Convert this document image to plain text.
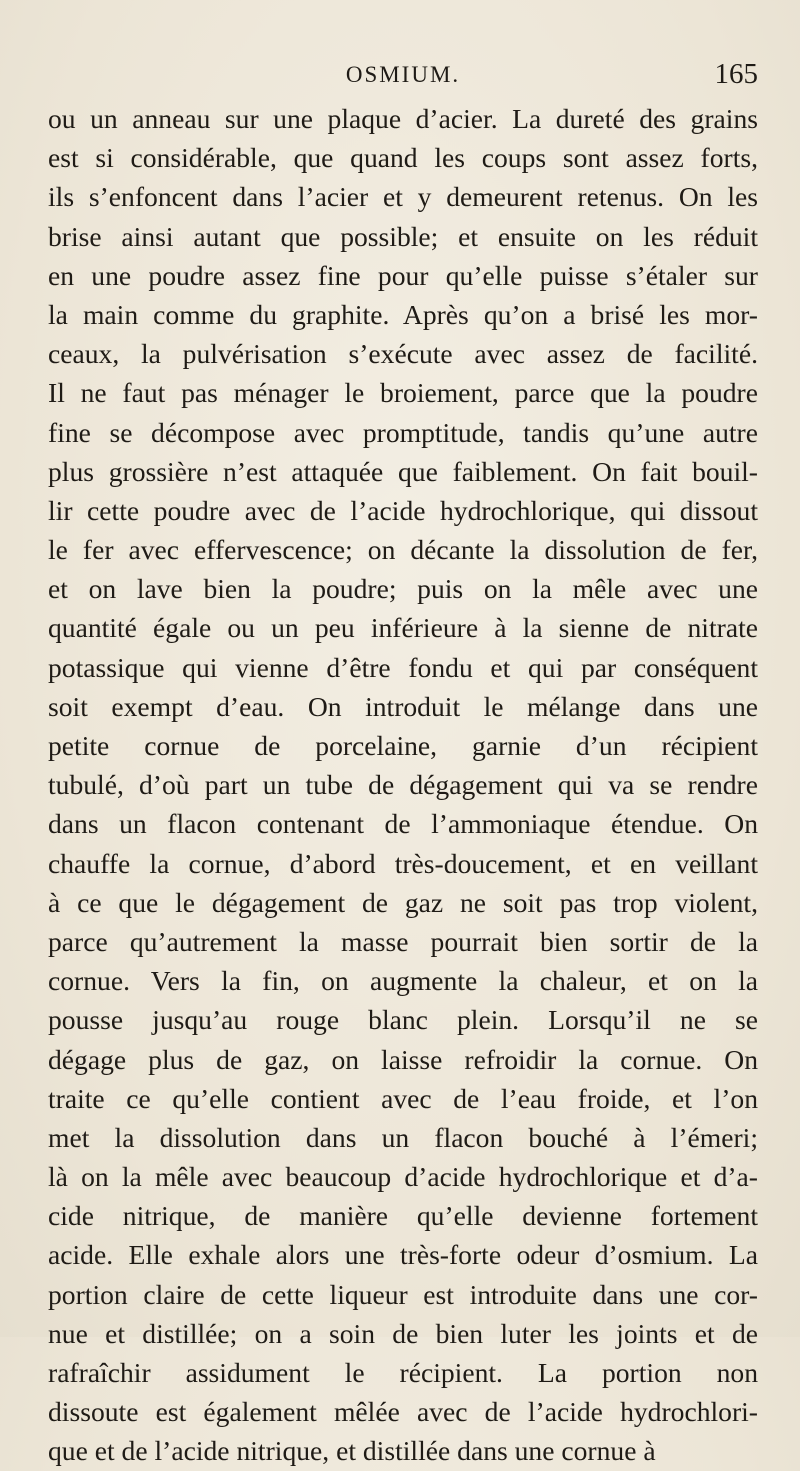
OSMIUM.	165
ou un anneau sur une plaque d’acier. La dureté des grains
est si considérable, que quand les coups sont assez forts,
ils s’enfoncent dans l’acier et y demeurent retenus. On les
brise ainsi autant que possible; et ensuite on les réduit
en une poudre assez fine pour qu’elle puisse s’étaler sur
la main comme du graphite. Après qu’on a brisé les mor-
ceaux, la pulvérisation s’exécute avec assez de facilité.
Il ne faut pas ménager le broiement, parce que la poudre
fine se décompose avec promptitude, tandis qu’une autre
plus grossière n’est attaquée que faiblement. On fait bouil-
lir cette poudre avec de l’acide hydrochlorique, qui dissout
le fer avec effervescence; on décante la dissolution de fer,
et on lave bien la poudre; puis on la mêle avec une
quantité égale ou un peu inférieure à la sienne de nitrate
potassique qui vienne d’être fondu et qui par conséquent
soit exempt d’eau. On introduit le mélange dans une
petite cornue de porcelaine, garnie d’un récipient
tubulé, d’où part un tube de dégagement qui va se rendre
dans un flacon contenant de l’ammoniaque étendue. On
chauffe la cornue, d’abord très-doucement, et en veillant
à ce que le dégagement de gaz ne soit pas trop violent,
parce qu’autrement la masse pourrait bien sortir de la
cornue. Vers la fin, on augmente la chaleur, et on la
pousse jusqu’au rouge blanc plein. Lorsqu’il ne se
dégage plus de gaz, on laisse refroidir la cornue. On
traite ce qu’elle contient avec de l’eau froide, et l’on
met la dissolution dans un flacon bouché à l’émeri;
là on la mêle avec beaucoup d’acide hydrochlorique et d’a-
cide nitrique, de manière qu’elle devienne fortement
acide. Elle exhale alors une très-forte odeur d’osmium. La
portion claire de cette liqueur est introduite dans une cor-
nue et distillée; on a soin de bien luter les joints et de
rafraîchir assidument le récipient. La portion non
dissoute est également mêlée avec de l’acide hydrochlori-
que et de l’acide nitrique, et distillée dans une cornue à
